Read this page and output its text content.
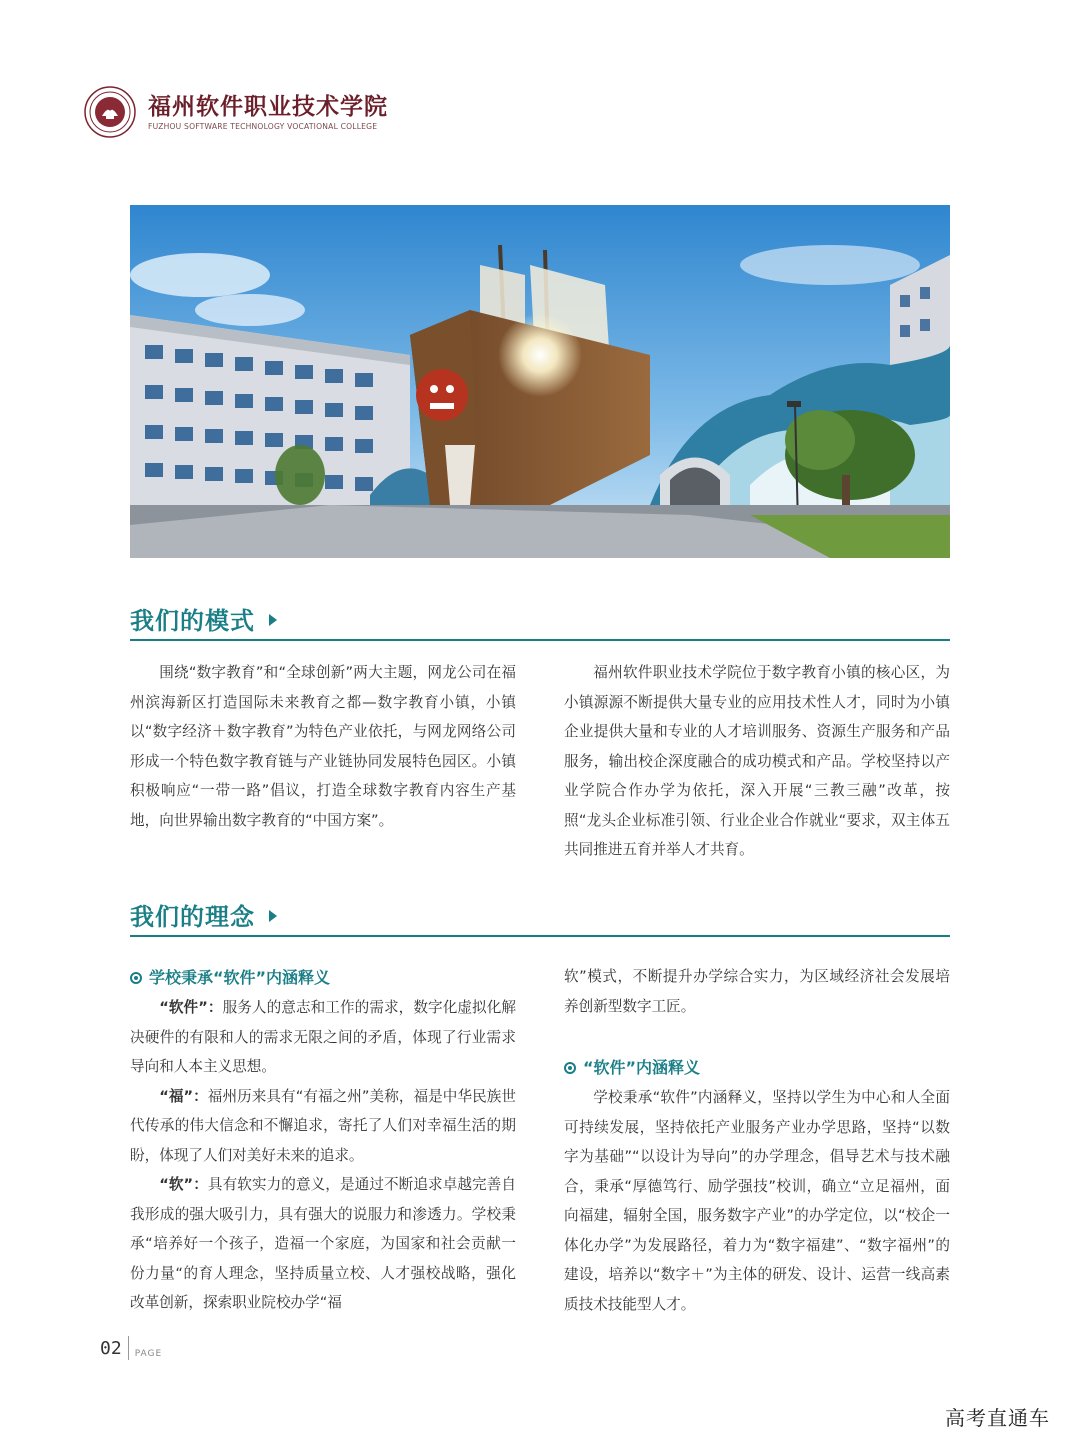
福州软件职业技术学院
FUZHOU SOFTWARE TECHNOLOGY VOCATIONAL COLLEGE
我们的模式

围绕“数字教育”和“全球创新”两大主题，网龙公司在福州滨海新区打造国际未来教育之都—数字教育小镇，小镇以“数字经济＋数字教育”为特色产业依托，与网龙网络公司形成一个特色数字教育链与产业链协同发展特色园区。小镇积极响应“一带一路”倡议，打造全球数字教育内容生产基地，向世界输出数字教育的“中国方案”。

福州软件职业技术学院位于数字教育小镇的核心区，为小镇源源不断提供大量专业的应用技术性人才，同时为小镇企业提供大量和专业的人才培训服务、资源生产服务和产品服务，输出校企深度融合的成功模式和产品。学校坚持以产业学院合作办学为依托，深入开展“三教三融”改革，按照“龙头企业标准引领、行业企业合作就业“要求，双主体五共同推进五育并举人才共育。

我们的理念
学校秉承“软件”内涵释义

“软件”：服务人的意志和工作的需求，数字化虚拟化解决硬件的有限和人的需求无限之间的矛盾，体现了行业需求导向和人本主义思想。

“福”：福州历来具有“有福之州”美称，福是中华民族世代传承的伟大信念和不懈追求，寄托了人们对幸福生活的期盼，体现了人们对美好未来的追求。

“软”：具有软实力的意义，是通过不断追求卓越完善自我形成的强大吸引力，具有强大的说服力和渗透力。学校秉承“培养好一个孩子，造福一个家庭，为国家和社会贡献一份力量“的育人理念，坚持质量立校、人才强校战略，强化改革创新，探索职业院校办学“福

软”模式，不断提升办学综合实力，为区域经济社会发展培养创新型数字工匠。

“软件”内涵释义

学校秉承“软件”内涵释义，坚持以学生为中心和人全面可持续发展，坚持依托产业服务产业办学思路，坚持“以数字为基础”“以设计为导向”的办学理念，倡导艺术与技术融合，秉承“厚德笃行、励学强技”校训，确立“立足福州，面向福建，辐射全国，服务数字产业”的办学定位，以“校企一体化办学”为发展路径，着力为“数字福建”、“数字福州”的建设，培养以“数字＋”为主体的研发、设计、运营一线高素质技术技能型人才。

02 PAGE
高考直通车
